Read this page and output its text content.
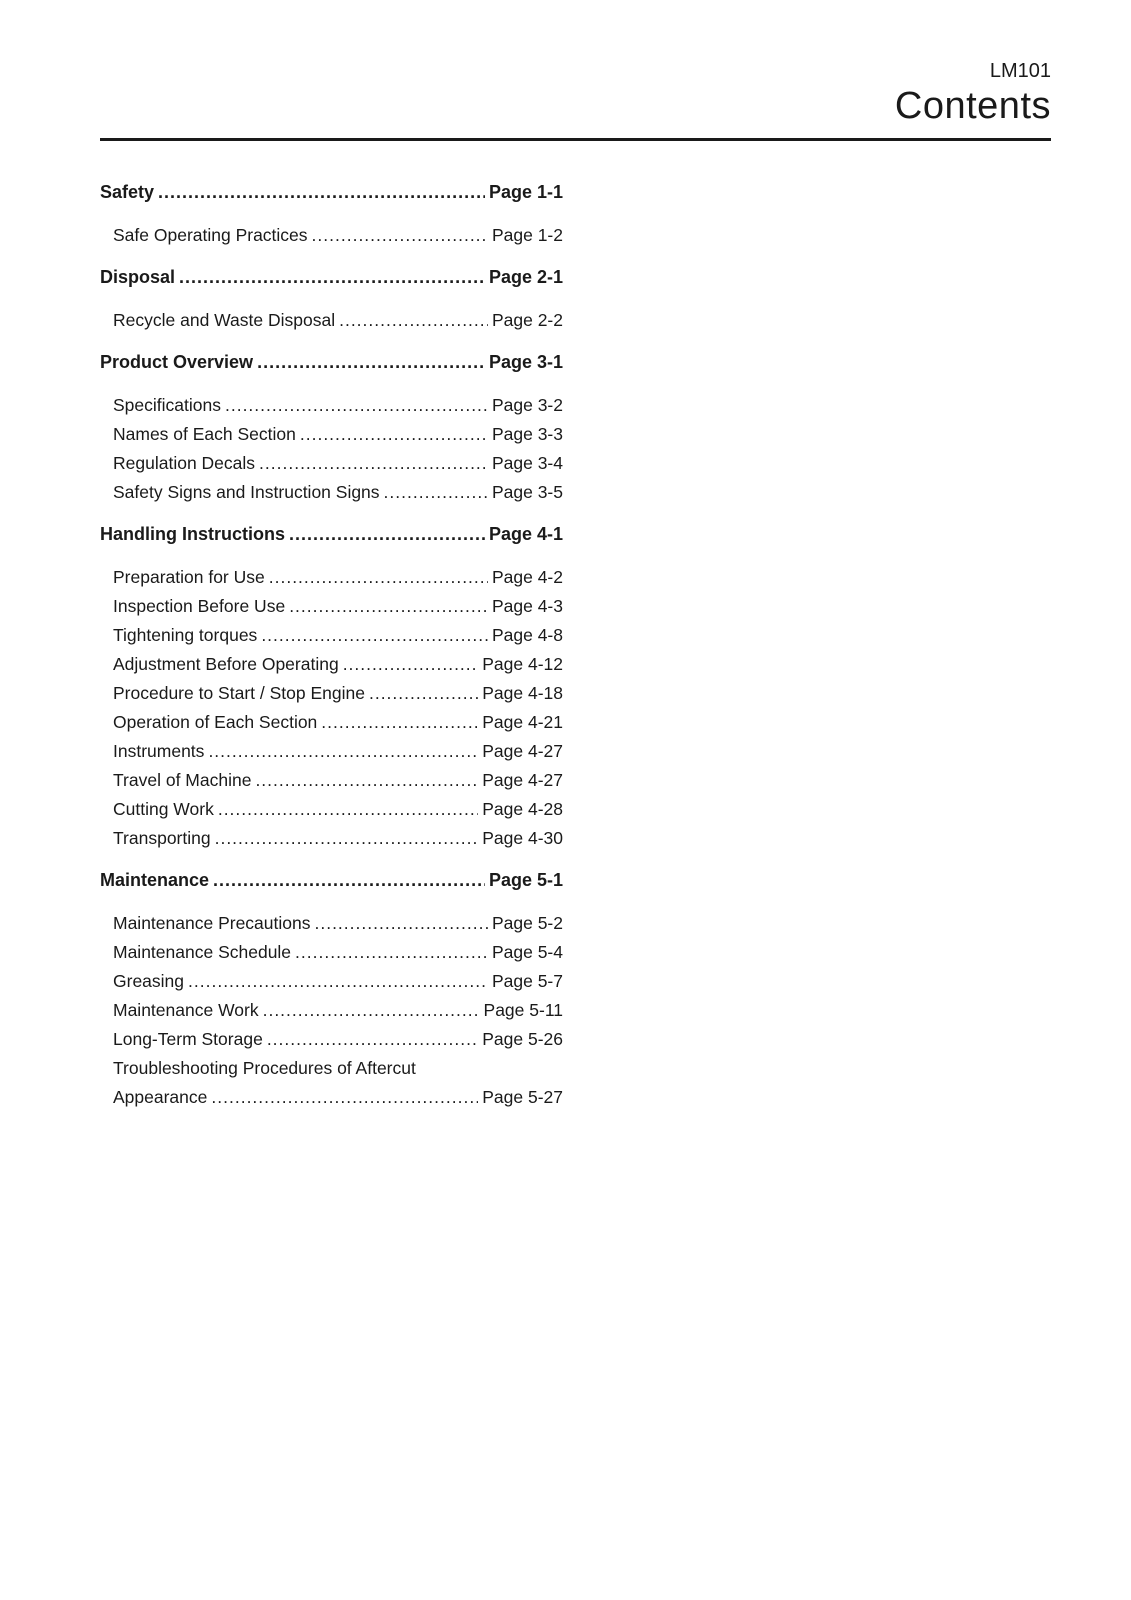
LM101
Contents
Safety .....	Page 1-1
Safe Operating Practices .....	Page 1-2
Disposal .....	Page 2-1
Recycle and Waste Disposal .....	Page 2-2
Product Overview .....	Page 3-1
Specifications .....	Page 3-2
Names of Each Section .....	Page 3-3
Regulation Decals .....	Page 3-4
Safety Signs and Instruction Signs .....	Page 3-5
Handling Instructions .....	Page 4-1
Preparation for Use .....	Page 4-2
Inspection Before Use .....	Page 4-3
Tightening torques .....	Page 4-8
Adjustment Before Operating .....	Page 4-12
Procedure to Start / Stop Engine .....	Page 4-18
Operation of Each Section .....	Page 4-21
Instruments .....	Page 4-27
Travel of Machine .....	Page 4-27
Cutting Work .....	Page 4-28
Transporting .....	Page 4-30
Maintenance .....	Page 5-1
Maintenance Precautions .....	Page 5-2
Maintenance Schedule .....	Page 5-4
Greasing .....	Page 5-7
Maintenance Work .....	Page 5-11
Long-Term Storage .....	Page 5-26
Troubleshooting Procedures of Aftercut
Appearance .....	Page 5-27
